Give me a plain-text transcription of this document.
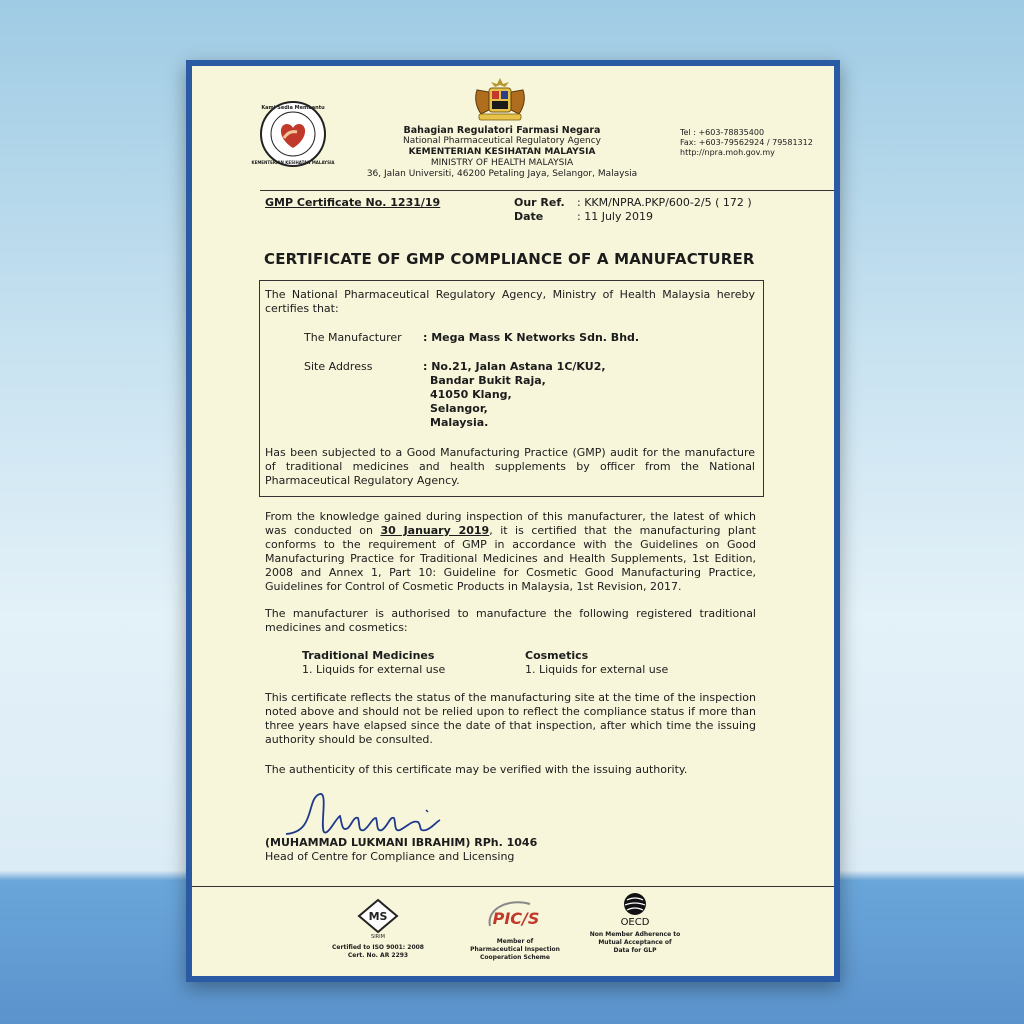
Kami Sedia Membantu
KEMENTERIAN KESIHATAN MALAYSIA
Bahagian Regulatori Farmasi Negara
National Pharmaceutical Regulatory Agency
KEMENTERIAN KESIHATAN MALAYSIA
MINISTRY OF HEALTH MALAYSIA
36, Jalan Universiti, 46200 Petaling Jaya, Selangor, Malaysia
Tel : +603-78835400
Fax: +603-79562924 / 79581312
http://npra.moh.gov.my
GMP Certificate No. 1231/19	Our Ref. : KKM/NPRA.PKP/600-2/5 ( 172 )
Date	: 11 July 2019
CERTIFICATE OF GMP COMPLIANCE OF A MANUFACTURER
The National Pharmaceutical Regulatory Agency, Ministry of Health Malaysia hereby certifies that:
The Manufacturer : Mega Mass K Networks Sdn. Bhd.
Site Address	: No.21, Jalan Astana 1C/KU2,
Bandar Bukit Raja,
41050 Klang,
Selangor,
Malaysia.
Has been subjected to a Good Manufacturing Practice (GMP) audit for the manufacture of traditional medicines and health supplements by officer from the National Pharmaceutical Regulatory Agency.
From the knowledge gained during inspection of this manufacturer, the latest of which was conducted on 30 January 2019, it is certified that the manufacturing plant conforms to the requirement of GMP in accordance with the Guidelines on Good Manufacturing Practice for Traditional Medicines and Health Supplements, 1st Edition, 2008 and Annex 1, Part 10: Guideline for Cosmetic Good Manufacturing Practice, Guidelines for Control of Cosmetic Products in Malaysia, 1st Revision, 2017.
The manufacturer is authorised to manufacture the following registered traditional medicines and cosmetics:
Traditional Medicines
1. Liquids for external use
Cosmetics
1. Liquids for external use
This certificate reflects the status of the manufacturing site at the time of the inspection noted above and should not be relied upon to reflect the compliance status if more than three years have elapsed since the date of that inspection, after which time the issuing authority should be consulted.
The authenticity of this certificate may be verified with the issuing authority.
(MUHAMMAD LUKMANI IBRAHIM) RPh. 1046
Head of Centre for Compliance and Licensing
MS
SIRIM
Certified to ISO 9001: 2008
Cert. No. AR 2293
PIC/S
Member of
Pharmaceutical Inspection
Cooperation Scheme
OECD
Non Member Adherence to
Mutual Acceptance of
Data for GLP
